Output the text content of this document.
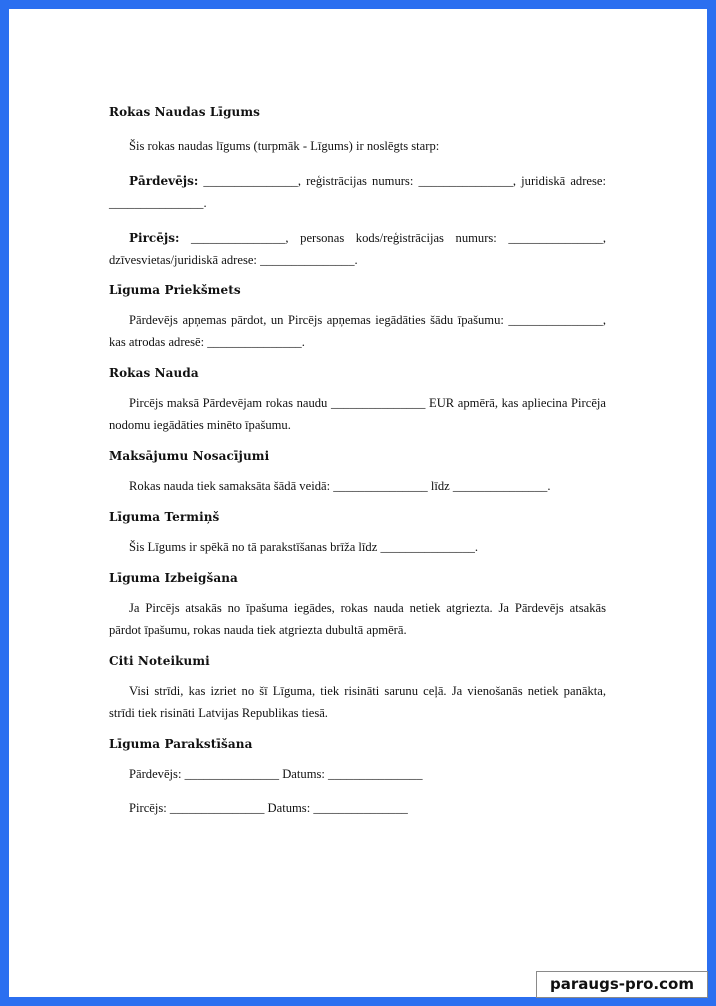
Rokas Naudas Līgums

Šis rokas naudas līgums (turpmāk - Līgums) ir noslēgts starp:

Pārdevējs: _______________, reģistrācijas numurs: _______________, juridiskā adrese: _______________.

Pircējs: _______________, personas kods/reģistrācijas numurs: _______________, dzīvesvietas/juridiskā adrese: _______________.

Līguma Priekšmets

Pārdevējs apņemas pārdot, un Pircējs apņemas iegādāties šādu īpašumu: _______________, kas atrodas adresē: _______________.

Rokas Nauda

Pircējs maksā Pārdevējam rokas naudu _______________ EUR apmērā, kas apliecina Pircēja nodomu iegādāties minēto īpašumu.

Maksājumu Nosacījumi

Rokas nauda tiek samaksāta šādā veidā: _______________ līdz _______________.

Līguma Termiņš

Šis Līgums ir spēkā no tā parakstīšanas brīža līdz _______________.

Līguma Izbeigšana

Ja Pircējs atsakās no īpašuma iegādes, rokas nauda netiek atgriezta. Ja Pārdevējs atsakās pārdot īpašumu, rokas nauda tiek atgriezta dubultā apmērā.

Citi Noteikumi

Visi strīdi, kas izriet no šī Līguma, tiek risināti sarunu ceļā. Ja vienošanās netiek panākta, strīdi tiek risināti Latvijas Republikas tiesā.

Līguma Parakstīšana

Pārdevējs: _______________ Datums: _______________

Pircējs: _______________ Datums: _______________

paraugs-pro.com
